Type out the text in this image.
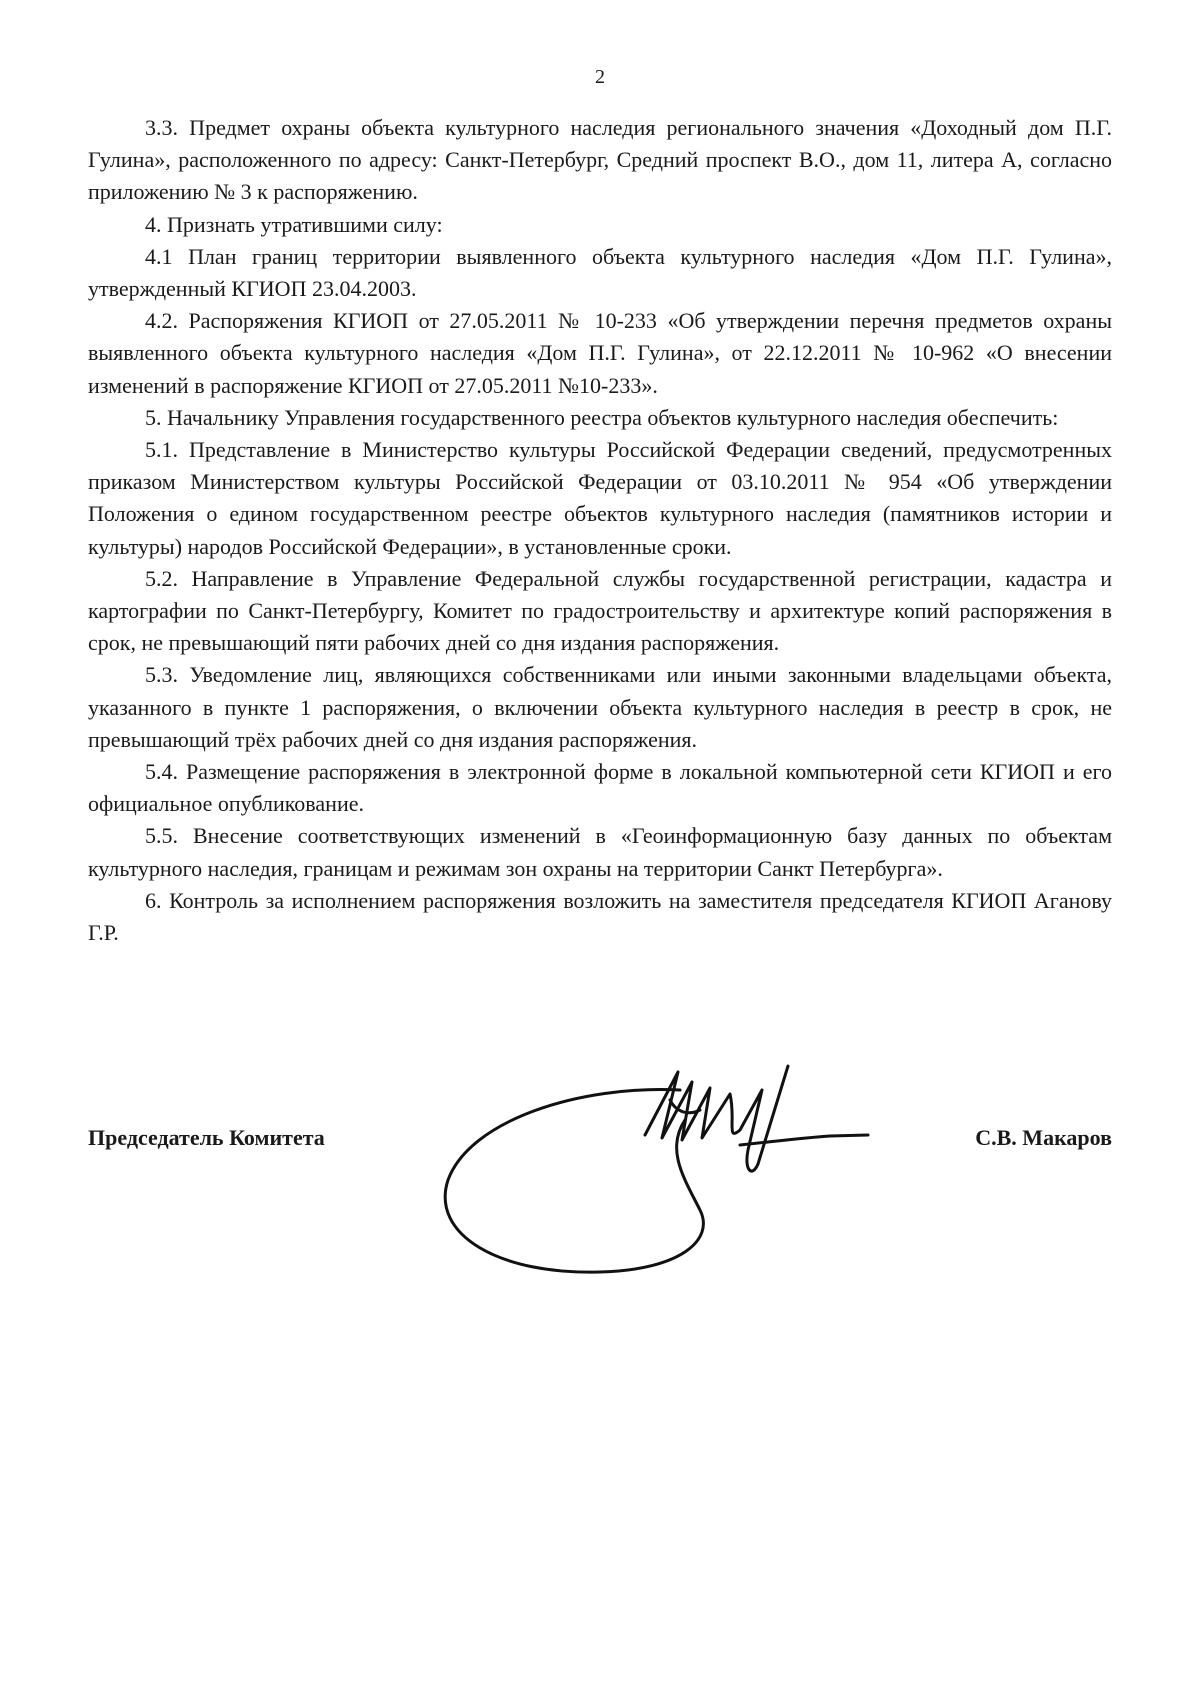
2

3.3. Предмет охраны объекта культурного наследия регионального значения «Доходный дом П.Г. Гулина», расположенного по адресу: Санкт-Петербург, Средний проспект В.О., дом 11, литера А, согласно приложению № 3 к распоряжению.

4. Признать утратившими силу:

4.1 План границ территории выявленного объекта культурного наследия «Дом П.Г. Гулина», утвержденный КГИОП 23.04.2003.

4.2. Распоряжения КГИОП от 27.05.2011 № 10-233 «Об утверждении перечня предметов охраны выявленного объекта культурного наследия «Дом П.Г. Гулина», от 22.12.2011 № 10-962 «О внесении изменений в распоряжение КГИОП от 27.05.2011 №10-233».

5. Начальнику Управления государственного реестра объектов культурного наследия обеспечить:

5.1. Представление в Министерство культуры Российской Федерации сведений, предусмотренных приказом Министерством культуры Российской Федерации от 03.10.2011 № 954 «Об утверждении Положения о едином государственном реестре объектов культурного наследия (памятников истории и культуры) народов Российской Федерации», в установленные сроки.

5.2. Направление в Управление Федеральной службы государственной регистрации, кадастра и картографии по Санкт-Петербургу, Комитет по градостроительству и архитектуре копий распоряжения в срок, не превышающий пяти рабочих дней со дня издания распоряжения.

5.3. Уведомление лиц, являющихся собственниками или иными законными владельцами объекта, указанного в пункте 1 распоряжения, о включении объекта культурного наследия в реестр в срок, не превышающий трёх рабочих дней со дня издания распоряжения.

5.4. Размещение распоряжения в электронной форме в локальной компьютерной сети КГИОП и его официальное опубликование.

5.5. Внесение соответствующих изменений в «Геоинформационную базу данных по объектам культурного наследия, границам и режимам зон охраны на территории Санкт Петербурга».

6. Контроль за исполнением распоряжения возложить на заместителя председателя КГИОП Аганову Г.Р.

Председатель Комитета	С.В. Макаров
